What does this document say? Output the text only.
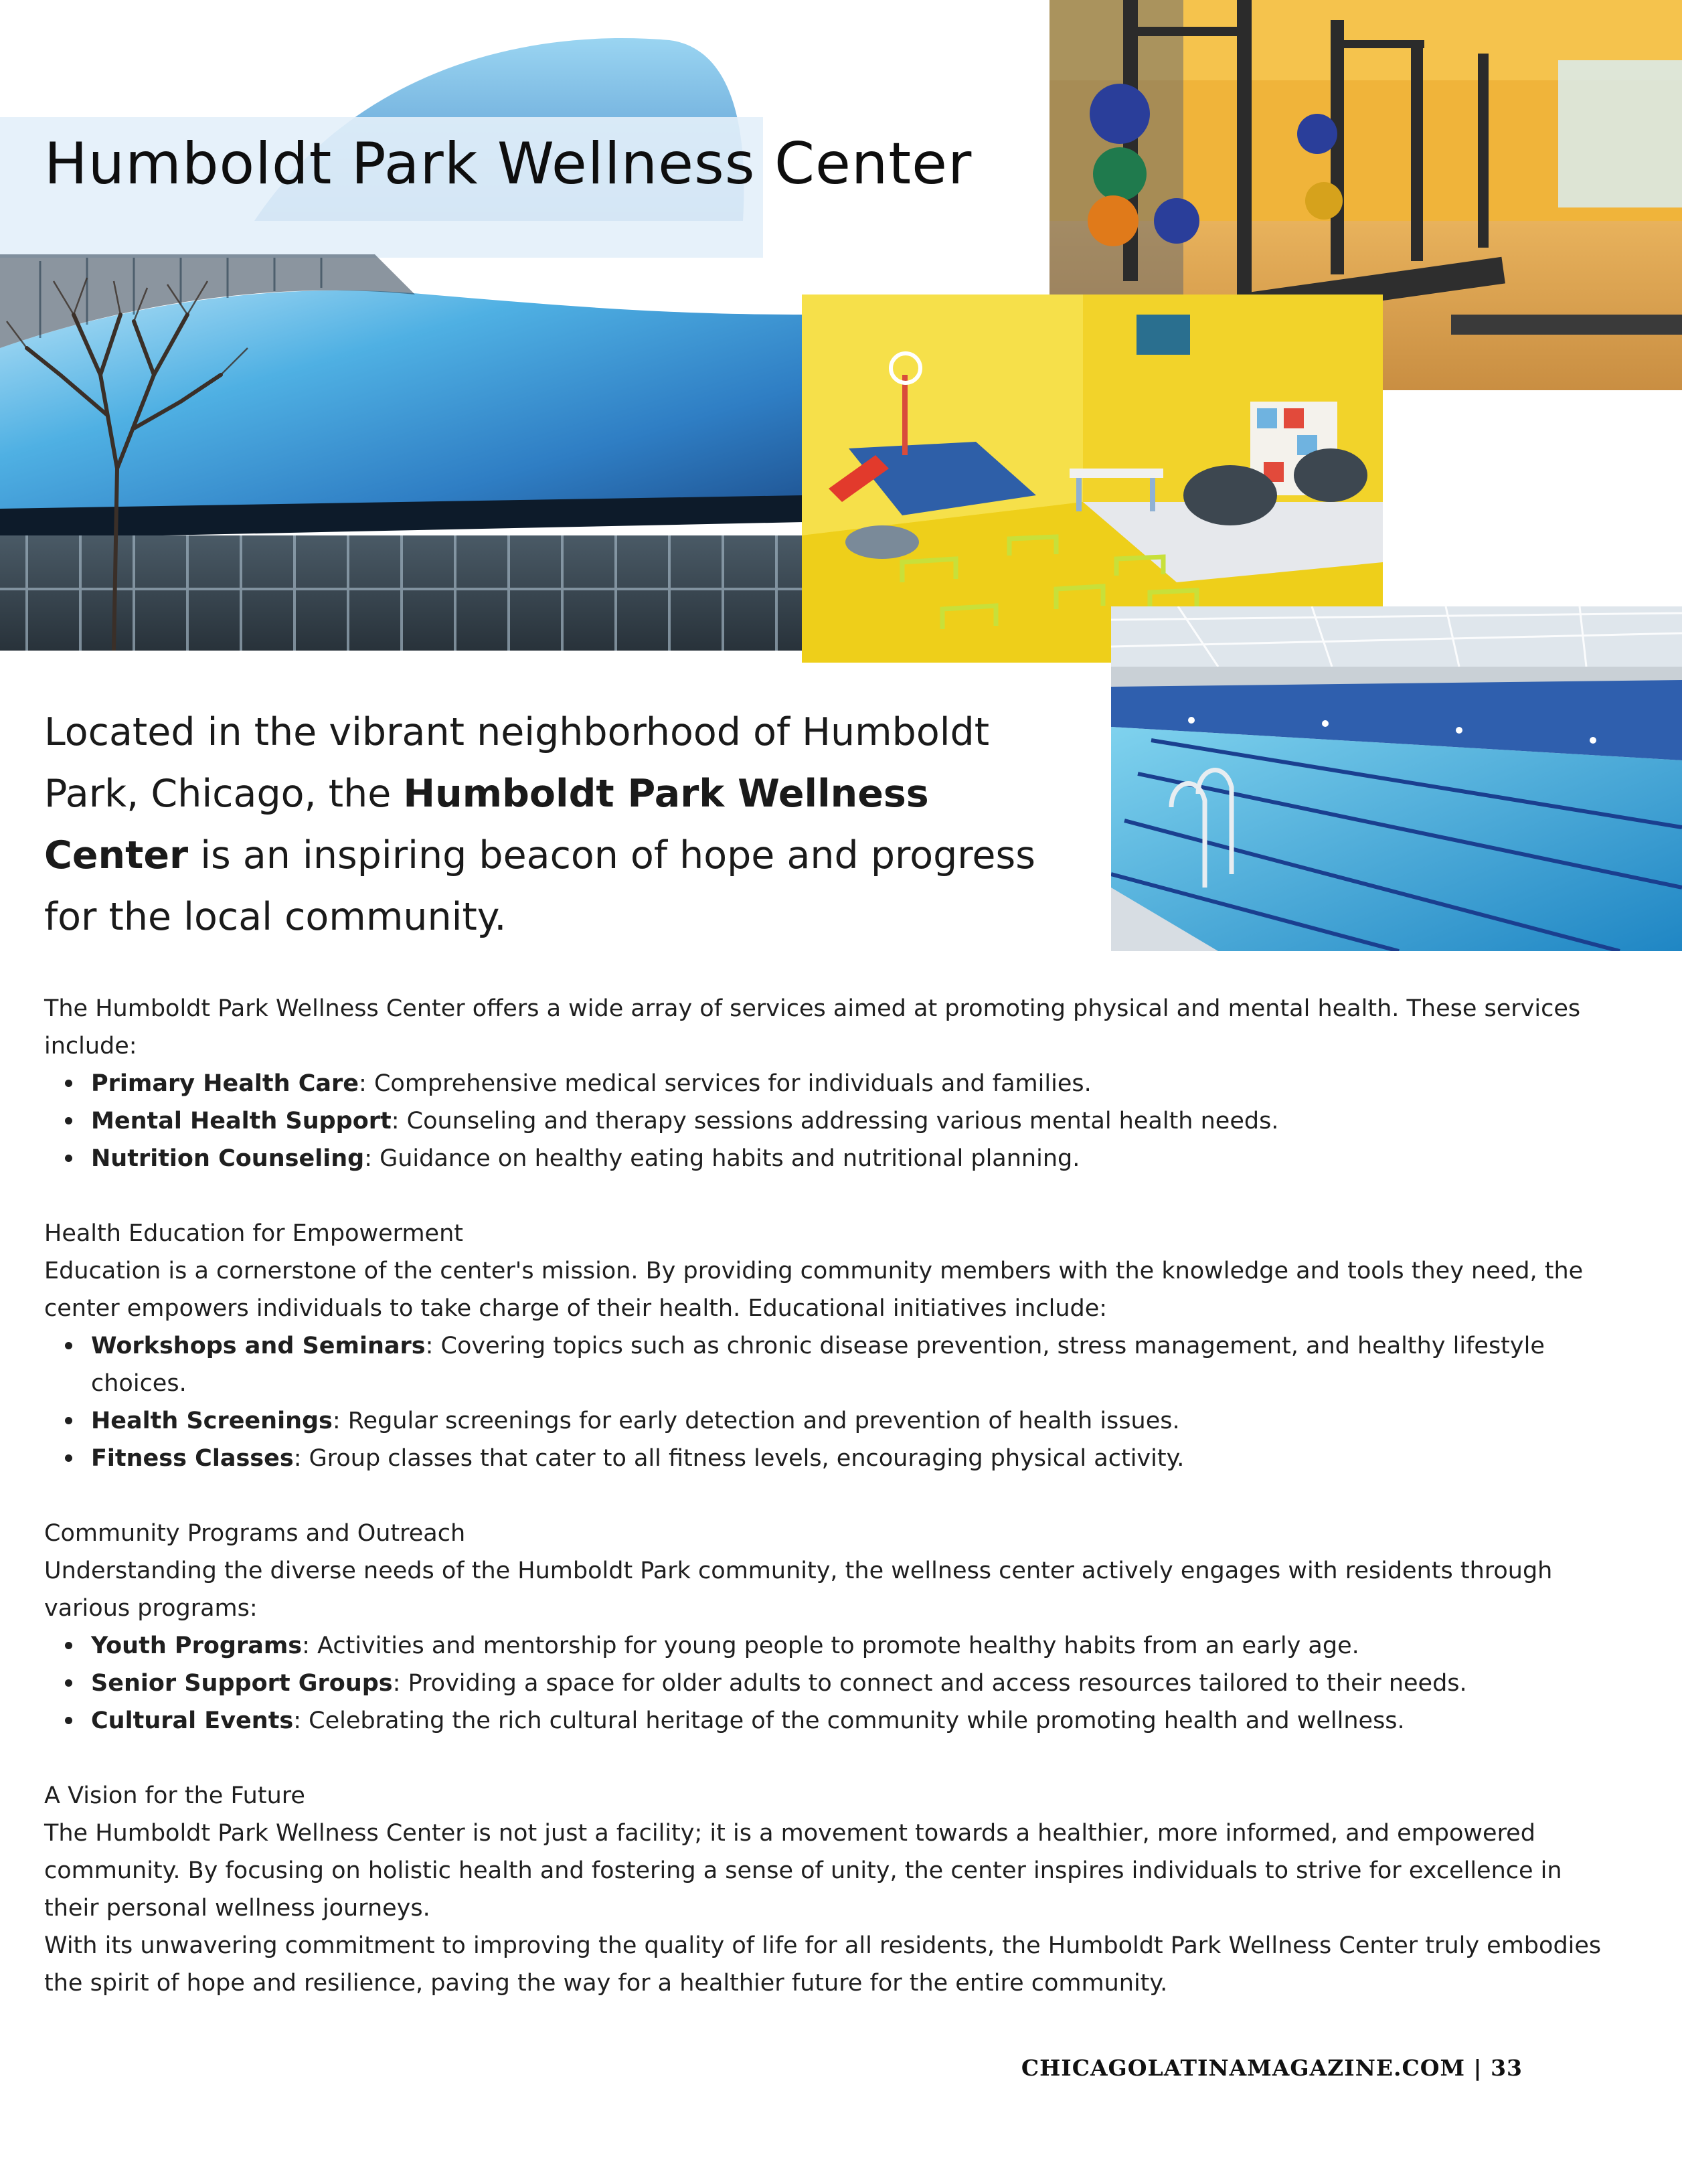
Humboldt Park Wellness Center

Located in the vibrant neighborhood of Humboldt Park, Chicago, the Humboldt Park Wellness Center is an inspiring beacon of hope and progress for the local community.

The Humboldt Park Wellness Center offers a wide array of services aimed at promoting physical and mental health. These services include:

Primary Health Care: Comprehensive medical services for individuals and families.
Mental Health Support: Counseling and therapy sessions addressing various mental health needs.
Nutrition Counseling: Guidance on healthy eating habits and nutritional planning.

Health Education for Empowerment

Education is a cornerstone of the center's mission. By providing community members with the knowledge and tools they need, the center empowers individuals to take charge of their health. Educational initiatives include:

Workshops and Seminars: Covering topics such as chronic disease prevention, stress management, and healthy lifestyle choices.
Health Screenings: Regular screenings for early detection and prevention of health issues.
Fitness Classes: Group classes that cater to all fitness levels, encouraging physical activity.

Community Programs and Outreach

Understanding the diverse needs of the Humboldt Park community, the wellness center actively engages with residents through various programs:

Youth Programs: Activities and mentorship for young people to promote healthy habits from an early age.
Senior Support Groups: Providing a space for older adults to connect and access resources tailored to their needs.
Cultural Events: Celebrating the rich cultural heritage of the community while promoting health and wellness.

A Vision for the Future

The Humboldt Park Wellness Center is not just a facility; it is a movement towards a healthier, more informed, and empowered community. By focusing on holistic health and fostering a sense of unity, the center inspires individuals to strive for excellence in their personal wellness journeys.

With its unwavering commitment to improving the quality of life for all residents, the Humboldt Park Wellness Center truly embodies the spirit of hope and resilience, paving the way for a healthier future for the entire community.

CHICAGOLATINAMAGAZINE.COM | 33
